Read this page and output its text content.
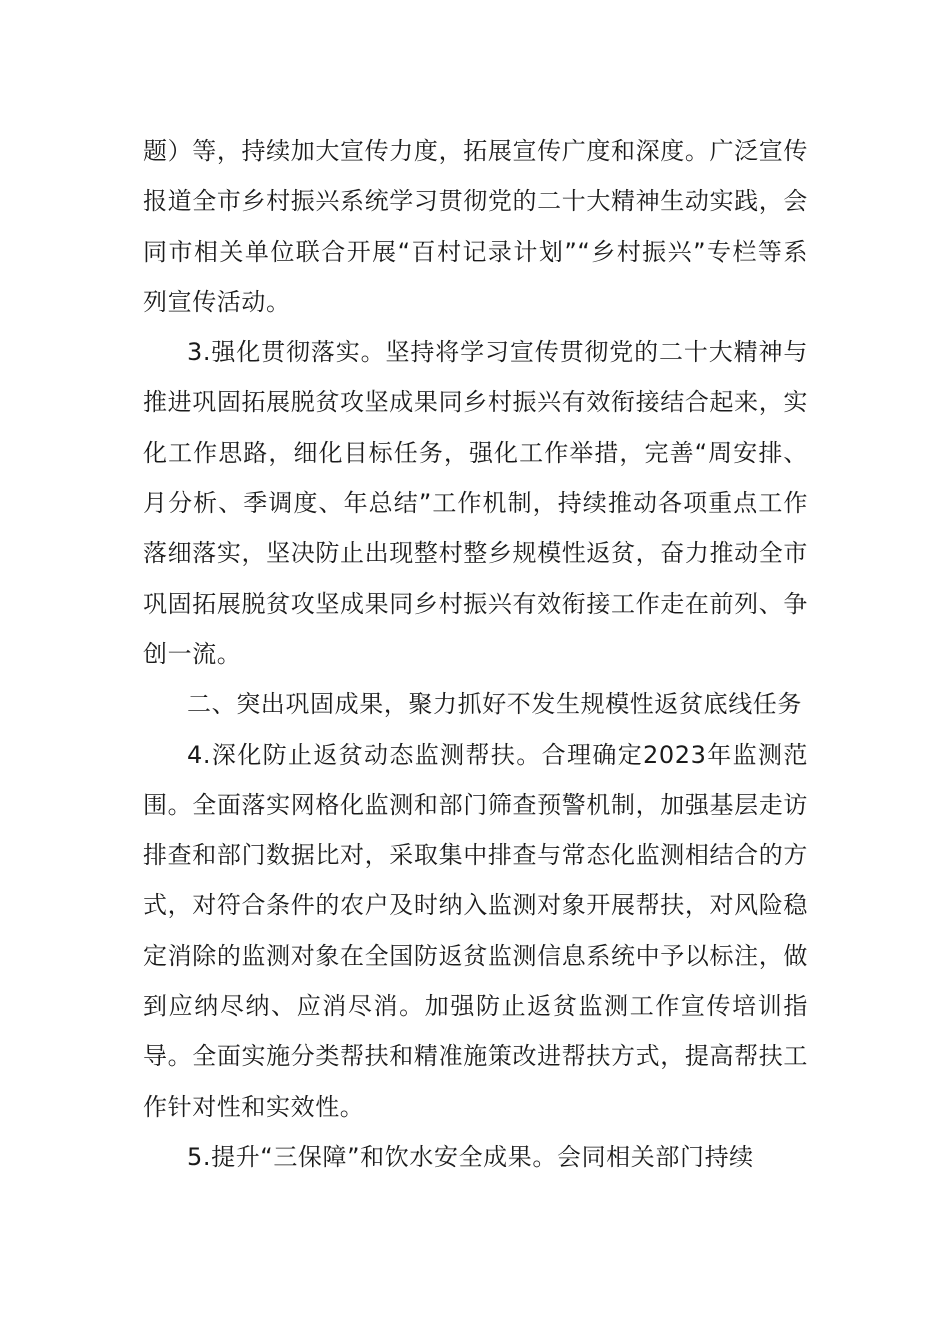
题）等，持续加大宣传力度，拓展宣传广度和深度。广泛宣传报道全市乡村振兴系统学习贯彻党的二十大精神生动实践，会同市相关单位联合开展“百村记录计划”“乡村振兴”专栏等系列宣传活动。

3.强化贯彻落实。坚持将学习宣传贯彻党的二十大精神与推进巩固拓展脱贫攻坚成果同乡村振兴有效衔接结合起来，实化工作思路，细化目标任务，强化工作举措，完善“周安排、月分析、季调度、年总结”工作机制，持续推动各项重点工作落细落实，坚决防止出现整村整乡规模性返贫，奋力推动全市巩固拓展脱贫攻坚成果同乡村振兴有效衔接工作走在前列、争创一流。

二、突出巩固成果，聚力抓好不发生规模性返贫底线任务

4.深化防止返贫动态监测帮扶。合理确定2023年监测范围。全面落实网格化监测和部门筛查预警机制，加强基层走访排查和部门数据比对，采取集中排查与常态化监测相结合的方式，对符合条件的农户及时纳入监测对象开展帮扶，对风险稳定消除的监测对象在全国防返贫监测信息系统中予以标注，做到应纳尽纳、应消尽消。加强防止返贫监测工作宣传培训指导。全面实施分类帮扶和精准施策改进帮扶方式，提高帮扶工作针对性和实效性。

5.提升“三保障”和饮水安全成果。会同相关部门持续
